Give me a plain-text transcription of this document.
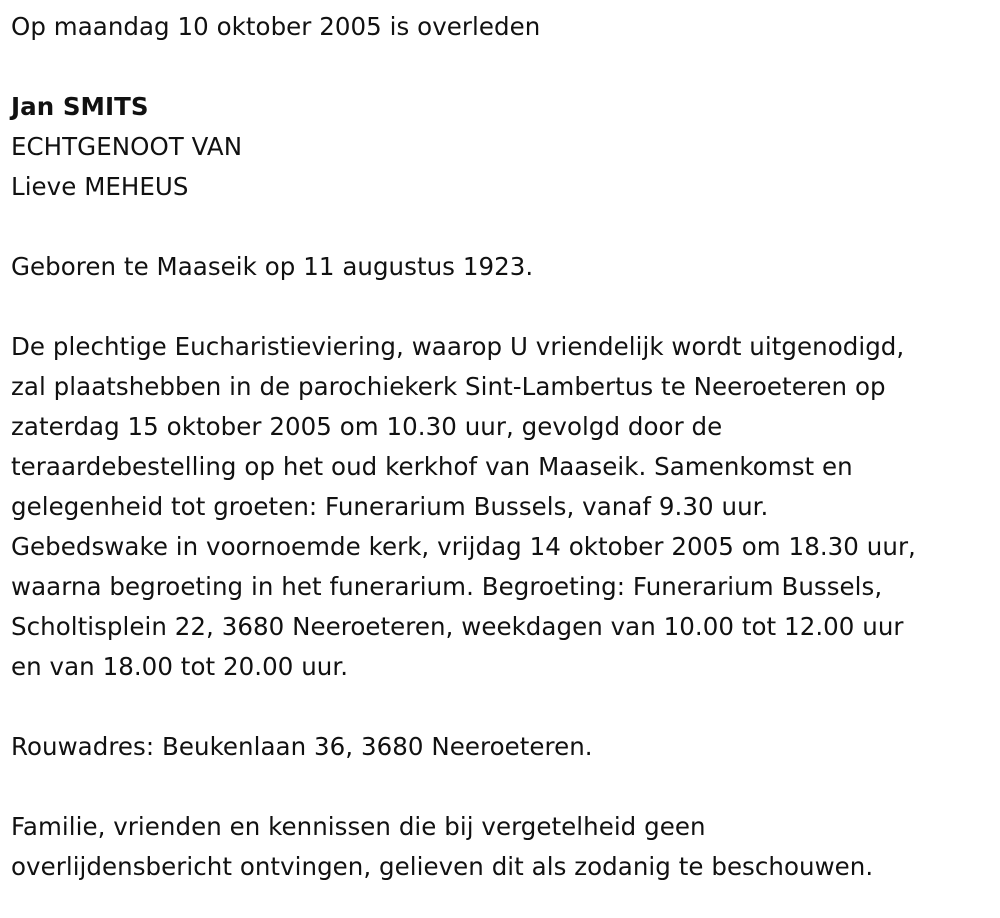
Op maandag 10 oktober 2005 is overleden
Jan SMITS
ECHTGENOOT VAN
Lieve MEHEUS
Geboren te Maaseik op 11 augustus 1923.
De plechtige Eucharistieviering, waarop U vriendelijk wordt uitgenodigd,
zal plaatshebben in de parochiekerk Sint-Lambertus te Neeroeteren op
zaterdag 15 oktober 2005 om 10.30 uur, gevolgd door de
teraardebestelling op het oud kerkhof van Maaseik. Samenkomst en
gelegenheid tot groeten: Funerarium Bussels, vanaf 9.30 uur.
Gebedswake in voornoemde kerk, vrijdag 14 oktober 2005 om 18.30 uur,
waarna begroeting in het funerarium. Begroeting: Funerarium Bussels,
Scholtisplein 22, 3680 Neeroeteren, weekdagen van 10.00 tot 12.00 uur
en van 18.00 tot 20.00 uur.
Rouwadres: Beukenlaan 36, 3680 Neeroeteren.
Familie, vrienden en kennissen die bij vergetelheid geen
overlijdensbericht ontvingen, gelieven dit als zodanig te beschouwen.
